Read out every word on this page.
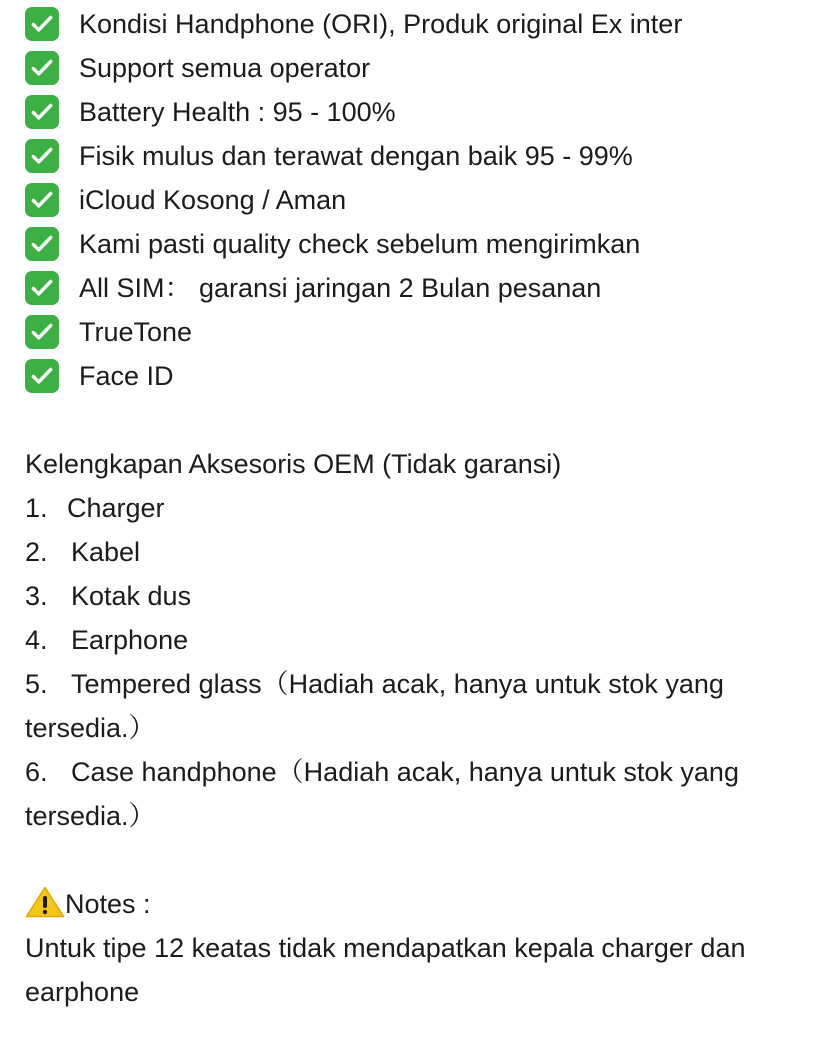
Kondisi Handphone (ORI), Produk original Ex inter
Support semua operator
Battery Health : 95 - 100%
Fisik mulus dan terawat dengan baik 95 - 99%
iCloud Kosong / Aman
Kami pasti quality check sebelum mengirimkan
All SIM： garansi jaringan 2 Bulan pesanan
TrueTone
Face ID
Kelengkapan Aksesoris OEM (Tidak garansi)
1. Charger
2. Kabel
3. Kotak dus
4. Earphone
5. Tempered glass（Hadiah acak, hanya untuk stok yang tersedia.）
6. Case handphone（Hadiah acak, hanya untuk stok yang tersedia.）
Notes :
Untuk tipe 12 keatas tidak mendapatkan kepala charger dan earphone
